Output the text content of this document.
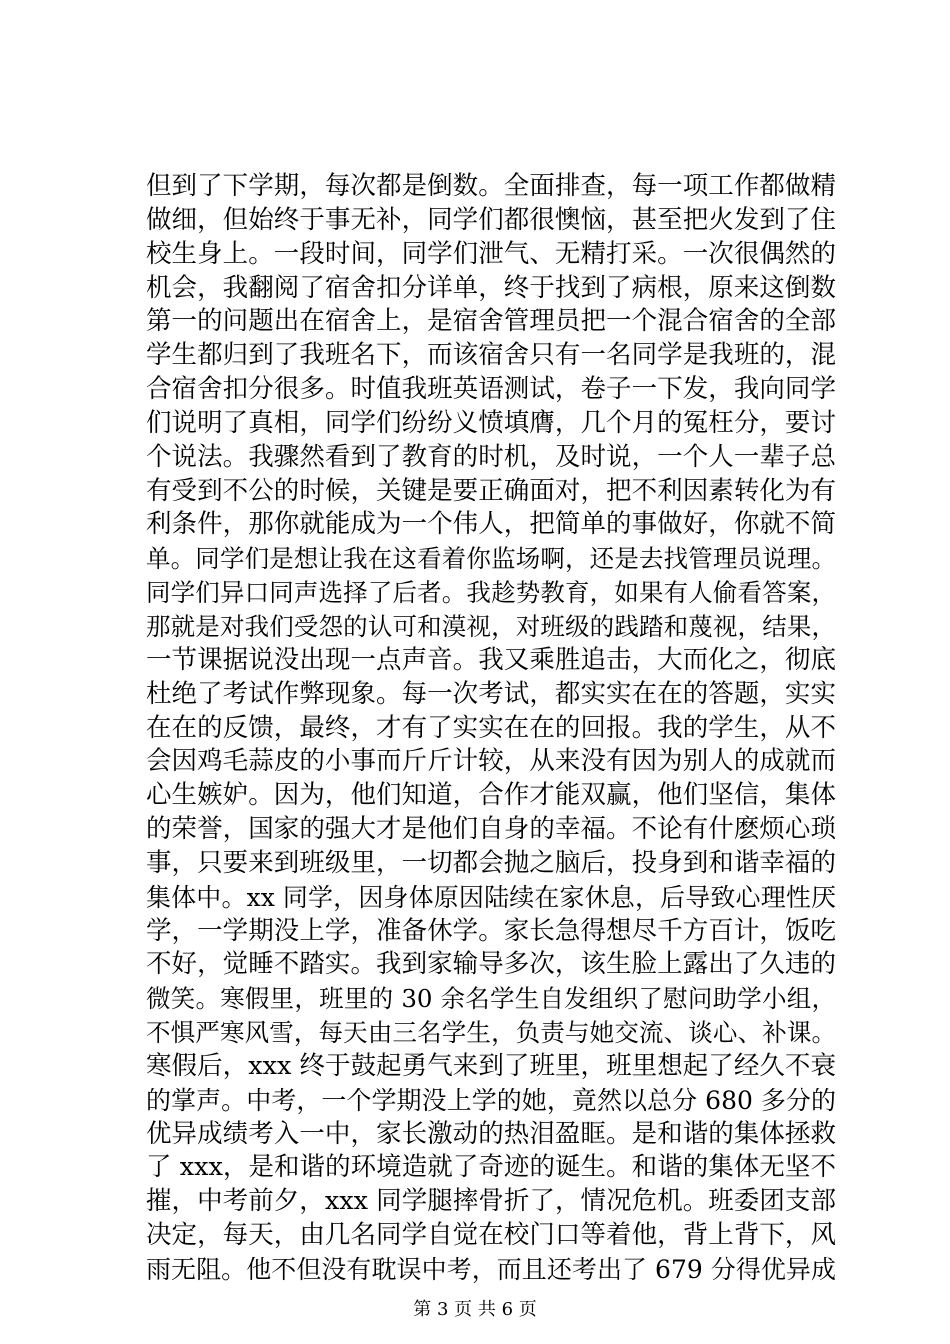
但到了下学期，每次都是倒数。全面排查，每一项工作都做精
做细，但始终于事无补，同学们都很懊恼，甚至把火发到了住
校生身上。一段时间，同学们泄气、无精打采。一次很偶然的
机会，我翻阅了宿舍扣分详单，终于找到了病根，原来这倒数
第一的问题出在宿舍上，是宿舍管理员把一个混合宿舍的全部
学生都归到了我班名下，而该宿舍只有一名同学是我班的，混
合宿舍扣分很多。时值我班英语测试，卷子一下发，我向同学
们说明了真相，同学们纷纷义愤填膺，几个月的冤枉分，要讨
个说法。我骤然看到了教育的时机，及时说，一个人一辈子总
有受到不公的时候，关键是要正确面对，把不利因素转化为有
利条件，那你就能成为一个伟人，把简单的事做好，你就不简
单。同学们是想让我在这看着你监场啊，还是去找管理员说理。
同学们异口同声选择了后者。我趁势教育，如果有人偷看答案，
那就是对我们受怨的认可和漠视，对班级的践踏和蔑视，结果，
一节课据说没出现一点声音。我又乘胜追击，大而化之，彻底
杜绝了考试作弊现象。每一次考试，都实实在在的答题，实实
在在的反馈，最终，才有了实实在在的回报。我的学生，从不
会因鸡毛蒜皮的小事而斤斤计较，从来没有因为别人的成就而
心生嫉妒。因为，他们知道，合作才能双赢，他们坚信，集体
的荣誉，国家的强大才是他们自身的幸福。不论有什麽烦心琐
事，只要来到班级里，一切都会抛之脑后，投身到和谐幸福的
集体中。xx 同学，因身体原因陆续在家休息，后导致心理性厌
学，一学期没上学，准备休学。家长急得想尽千方百计，饭吃
不好，觉睡不踏实。我到家输导多次，该生脸上露出了久违的
微笑。寒假里，班里的 30 余名学生自发组织了慰问助学小组，
不惧严寒风雪，每天由三名学生，负责与她交流、谈心、补课。
寒假后，xxx 终于鼓起勇气来到了班里，班里想起了经久不衰
的掌声。中考，一个学期没上学的她，竟然以总分 680 多分的
优异成绩考入一中，家长激动的热泪盈眶。是和谐的集体拯救
了 xxx，是和谐的环境造就了奇迹的诞生。和谐的集体无坚不
摧，中考前夕，xxx 同学腿摔骨折了，情况危机。班委团支部
决定，每天，由几名同学自觉在校门口等着他，背上背下，风
雨无阻。他不但没有耽误中考，而且还考出了 679 分得优异成
第 3 页 共 6 页
